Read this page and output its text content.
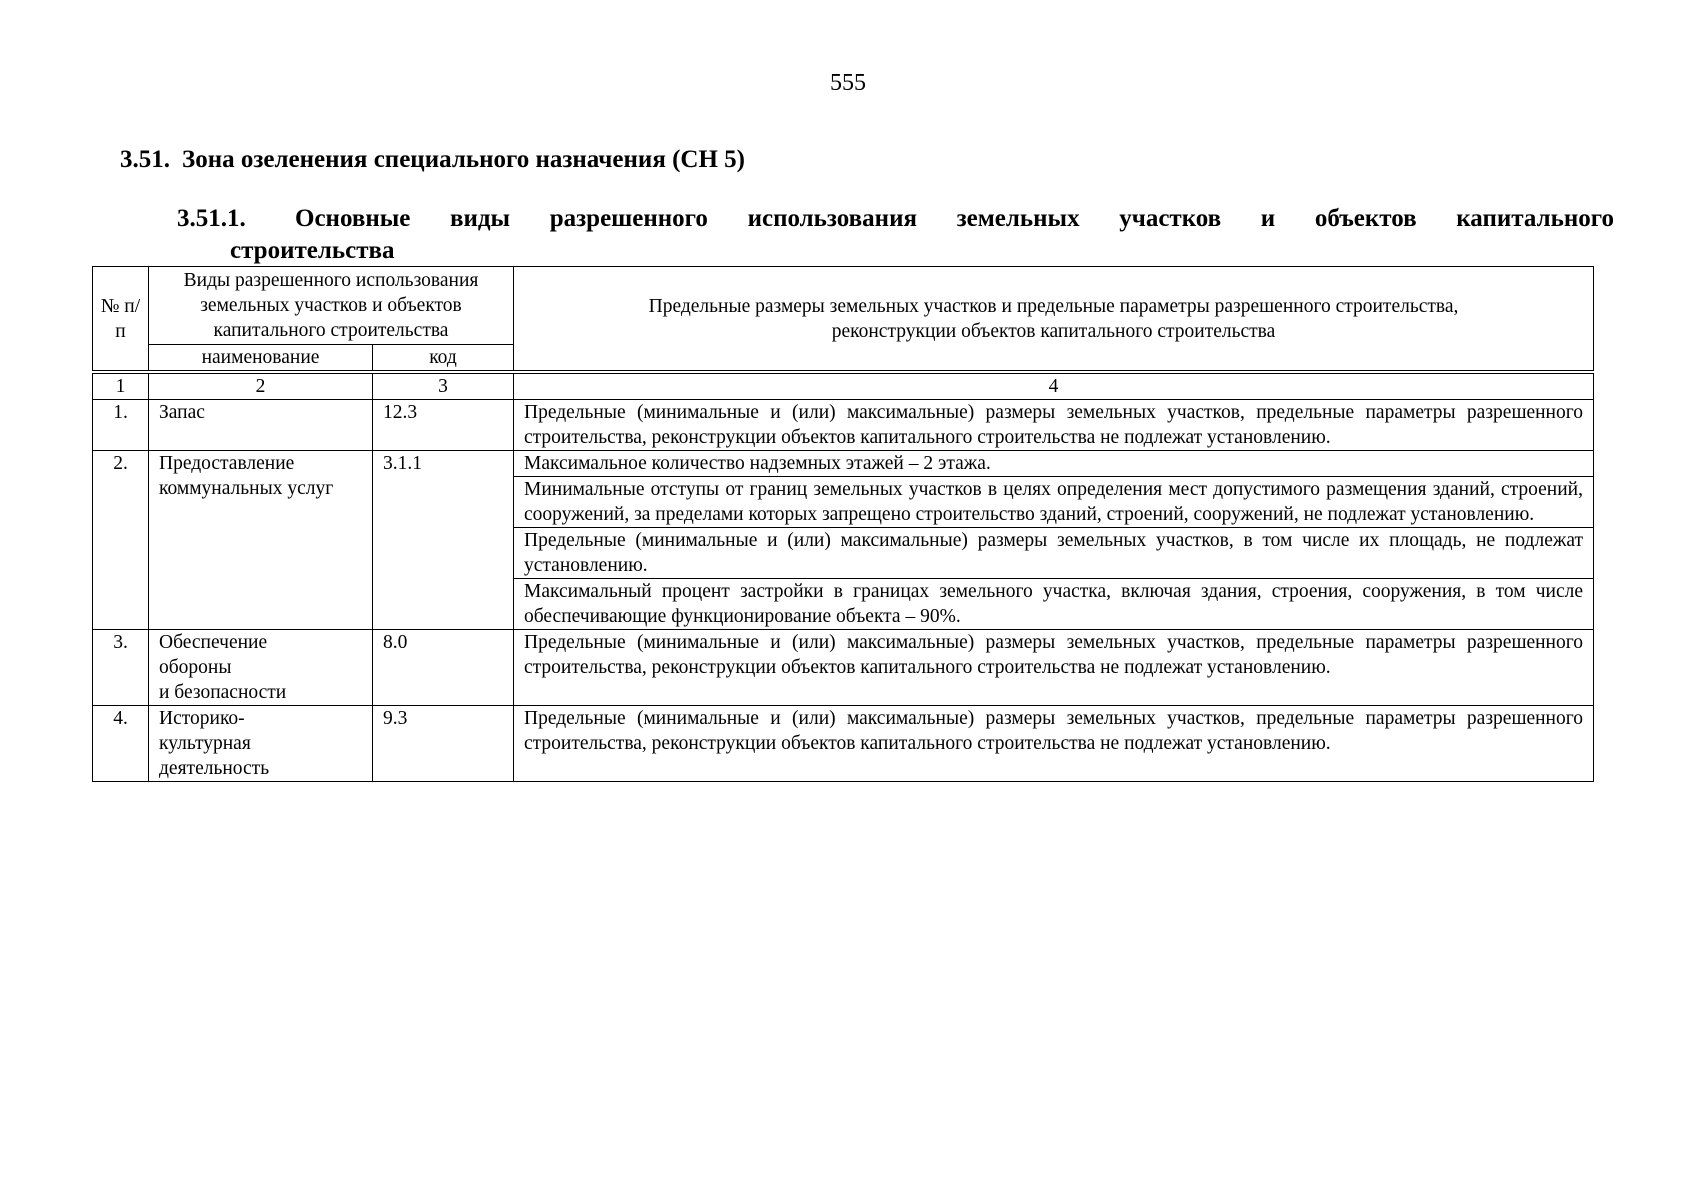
555
3.51. Зона озеленения специального назначения (СН 5)
3.51.1.	Основные виды разрешенного использования земельных участков и объектов капитального
строительства
№ п/п	Виды разрешенного использования земельных участков и объектов капитального строительства		Предельные размеры земельных участков и предельные параметры разрешенного строительства, реконструкции объектов капитального строительства
	наименование	код	
1	2	3	4
1.	Запас	12.3	Предельные (минимальные и (или) максимальные) размеры земельных участков, предельные параметры разрешенного строительства, реконструкции объектов капитального строительства не подлежат установлению.
2.	Предоставление коммунальных услуг	3.1.1	Максимальное количество надземных этажей – 2 этажа.
			Минимальные отступы от границ земельных участков в целях определения мест допустимого размещения зданий, строений, сооружений, за пределами которых запрещено строительство зданий, строений, сооружений, не подлежат установлению.
			Предельные (минимальные и (или) максимальные) размеры земельных участков, в том числе их площадь, не подлежат установлению.
			Максимальный процент застройки в границах земельного участка, включая здания, строения, сооружения, в том числе обеспечивающие функционирование объекта – 90%.
3.	Обеспечение
обороны
и безопасности	8.0	Предельные (минимальные и (или) максимальные) размеры земельных участков, предельные параметры разрешенного строительства, реконструкции объектов капитального строительства не подлежат установлению.
4.	Историко-
культурная
деятельность	9.3	Предельные (минимальные и (или) максимальные) размеры земельных участков, предельные параметры разрешенного строительства, реконструкции объектов капитального строительства не подлежат установлению.
